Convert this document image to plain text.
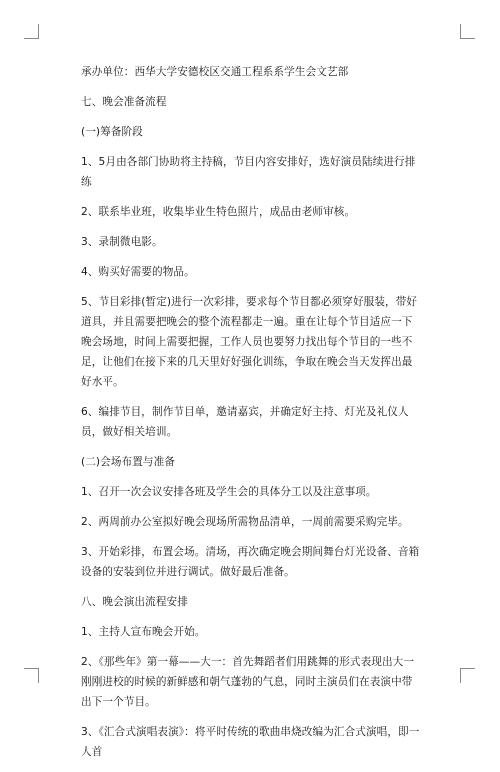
承办单位：西华大学安德校区交通工程系系学生会文艺部

七、晚会准备流程

(一)筹备阶段

1、5月由各部门协助将主持稿，节目内容安排好，选好演员陆续进行排练

2、联系毕业班，收集毕业生特色照片，成品由老师审核。

3、录制微电影。

4、购买好需要的物品。

5、节目彩排(暂定)进行一次彩排，要求每个节目都必须穿好服装，带好道具，并且需要把晚会的整个流程都走一遍。重在让每个节目适应一下晚会场地，时间上需要把握，工作人员也要努力找出每个节目的一些不足，让他们在接下来的几天里好好强化训练，争取在晚会当天发挥出最好水平。

6、编排节目，制作节目单，邀请嘉宾，并确定好主持、灯光及礼仪人员，做好相关培训。

(二)会场布置与准备

1、召开一次会议安排各班及学生会的具体分工以及注意事项。

2、两周前办公室拟好晚会现场所需物品清单，一周前需要采购完毕。

3、开始彩排，布置会场。清场，再次确定晚会期间舞台灯光设备、音箱设备的安装到位并进行调试。做好最后准备。

八、晚会演出流程安排

1、主持人宣布晚会开始。

2、《那些年》第一幕——大一：首先舞蹈者们用跳舞的形式表现出大一刚刚进校的时候的新鲜感和朝气蓬勃的气息，同时主演员们在表演中带出下一个节目。

3、《汇合式演唱表演》：将平时传统的歌曲串烧改编为汇合式演唱，即一人首
